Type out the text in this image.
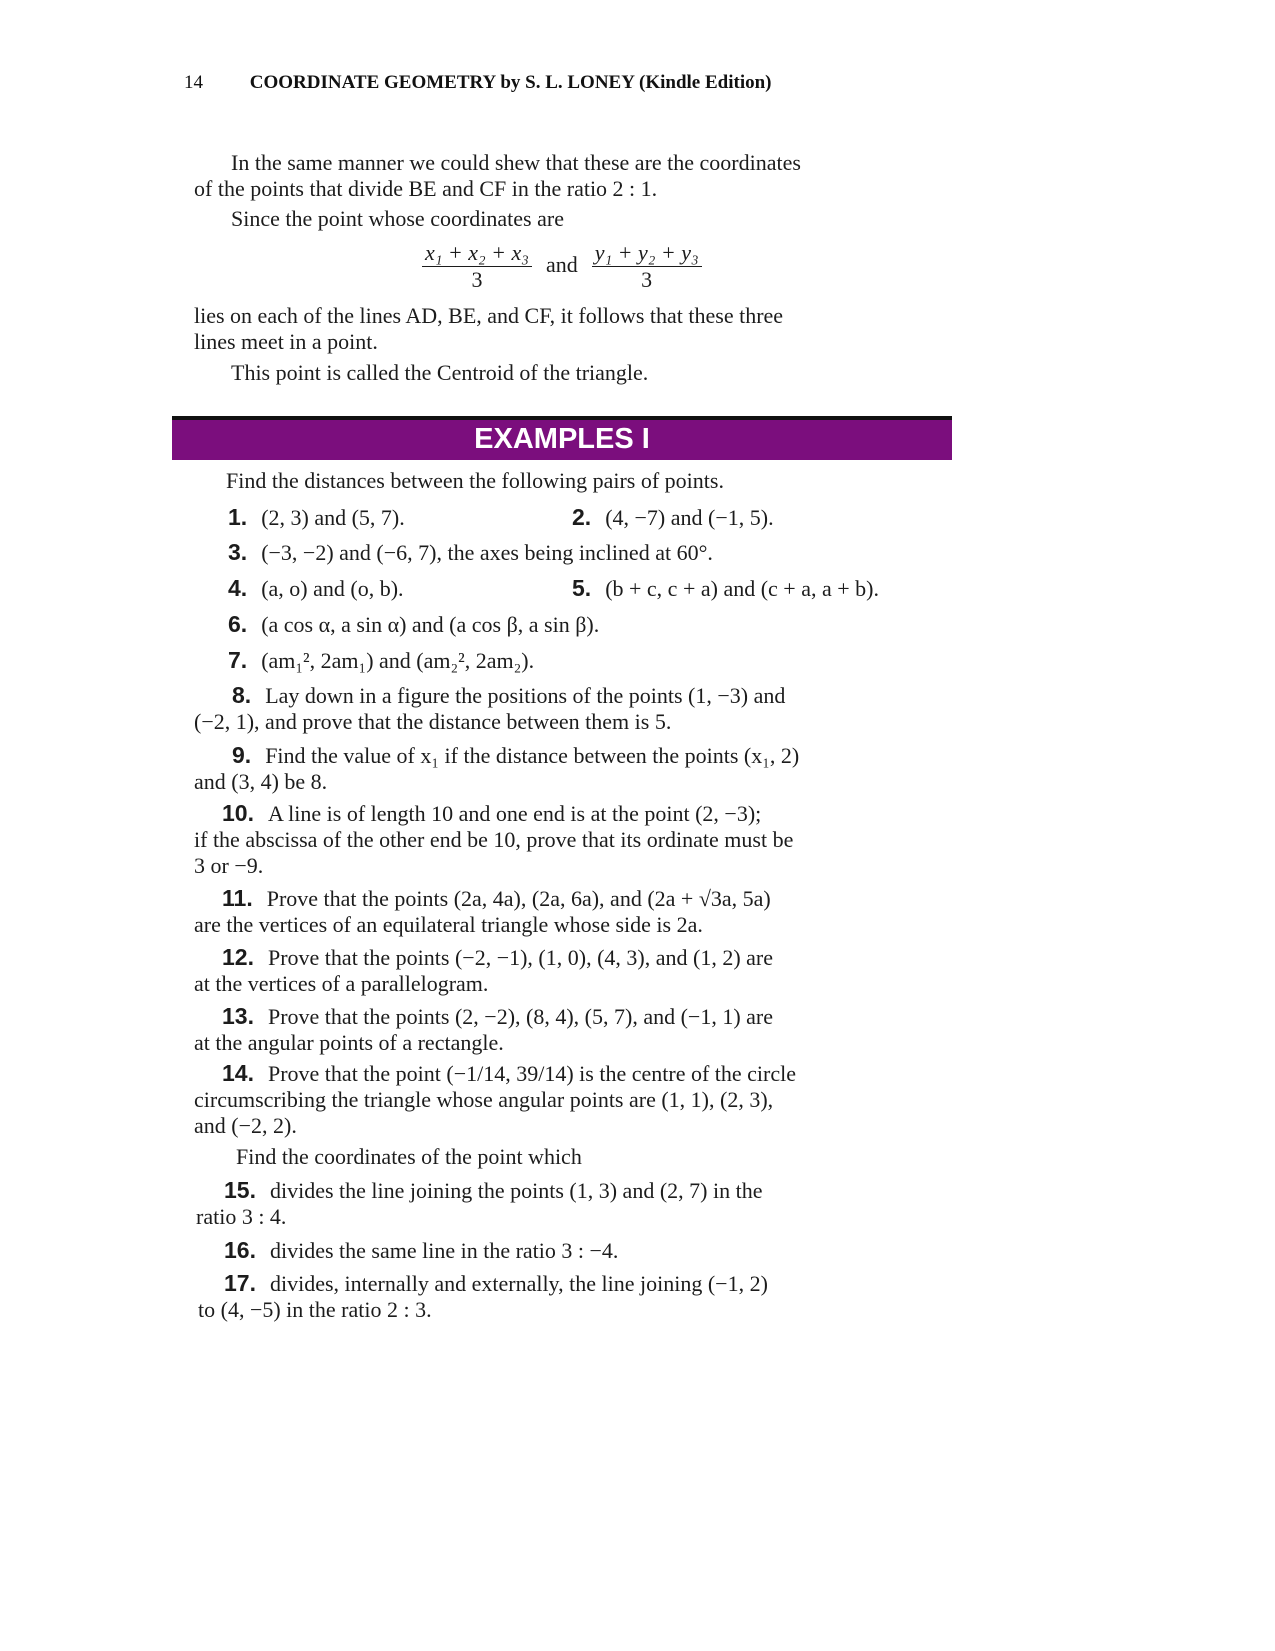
14 COORDINATE GEOMETRY by S. L. LONEY (Kindle Edition)
In the same manner we could shew that these are the coordinates
of the points that divide BE and CF in the ratio 2 : 1.
Since the point whose coordinates are
$\frac{\text{x₁ + x₂ + x₃}}{3}$ and $\frac{\text{y₁ + y₂ + y₃}}{3}$
lies on each of the lines AD, BE, and CF, it follows that these three
lines meet in a point.
This point is called the Centroid of the triangle.
EXAMPLES I
Find the distances between the following pairs of points.
1. (2, 3) and (5, 7).	2. (4, −7) and (−1, 5).
3. (−3, −2) and (−6, 7), the axes being inclined at 60°.
4. (a, o) and (o, b).	5. (b + c, c + a) and (c + a, a + b).
6. (a cos α, a sin α) and (a cos β, a sin β).
7. (am₁², 2am₁) and (am₂², 2am₂).
8. Lay down in a figure the positions of the points (1, −3) and
(−2, 1), and prove that the distance between them is 5.
9. Find the value of x₁ if the distance between the points (x₁, 2)
and (3, 4) be 8.
10. A line is of length 10 and one end is at the point (2, −3);
if the abscissa of the other end be 10, prove that its ordinate must be
3 or −9.
11. Prove that the points (2a, 4a), (2a, 6a), and (2a + √3a, 5a)
are the vertices of an equilateral triangle whose side is 2a.
12. Prove that the points (−2, −1), (1, 0), (4, 3), and (1, 2) are
at the vertices of a parallelogram.
13. Prove that the points (2, −2), (8, 4), (5, 7), and (−1, 1) are
at the angular points of a rectangle.
14. Prove that the point (−1/14, 39/14) is the centre of the circle
circumscribing the triangle whose angular points are (1, 1), (2, 3),
and (−2, 2).
Find the coordinates of the point which
15. divides the line joining the points (1, 3) and (2, 7) in the
ratio 3 : 4.
16. divides the same line in the ratio 3 : −4.
17. divides, internally and externally, the line joining (−1, 2)
to (4, −5) in the ratio 2 : 3.
